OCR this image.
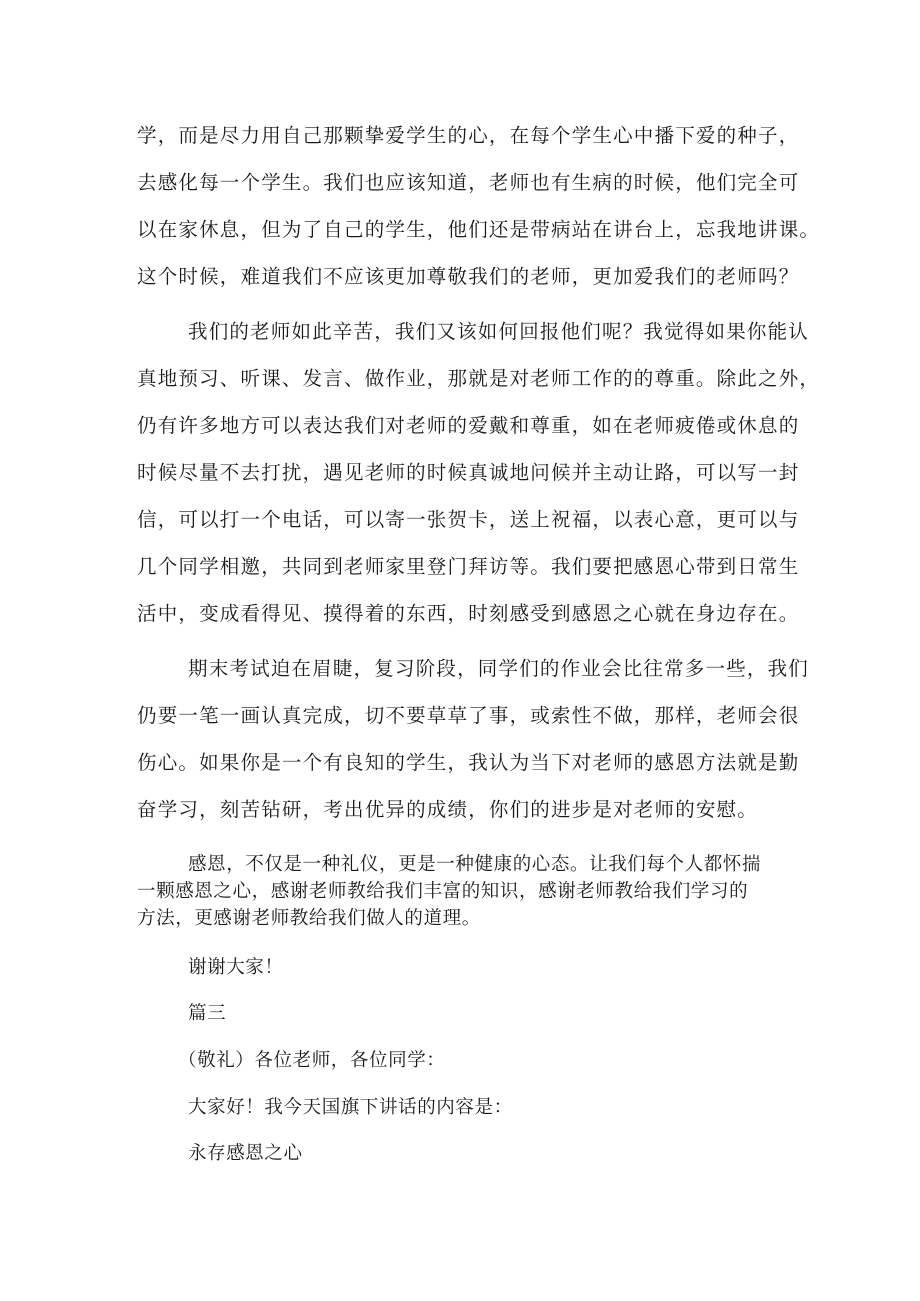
学，而是尽力用自己那颗挚爱学生的心，在每个学生心中播下爱的种子，
去感化每一个学生。我们也应该知道，老师也有生病的时候，他们完全可
以在家休息，但为了自己的学生，他们还是带病站在讲台上，忘我地讲课。
这个时候，难道我们不应该更加尊敬我们的老师，更加爱我们的老师吗？
我们的老师如此辛苦，我们又该如何回报他们呢？我觉得如果你能认
真地预习、听课、发言、做作业，那就是对老师工作的的尊重。除此之外，
仍有许多地方可以表达我们对老师的爱戴和尊重，如在老师疲倦或休息的
时候尽量不去打扰，遇见老师的时候真诚地问候并主动让路，可以写一封
信，可以打一个电话，可以寄一张贺卡，送上祝福，以表心意，更可以与
几个同学相邀，共同到老师家里登门拜访等。我们要把感恩心带到日常生
活中，变成看得见、摸得着的东西，时刻感受到感恩之心就在身边存在。
期末考试迫在眉睫，复习阶段，同学们的作业会比往常多一些，我们
仍要一笔一画认真完成，切不要草草了事，或索性不做，那样，老师会很
伤心。如果你是一个有良知的学生，我认为当下对老师的感恩方法就是勤
奋学习，刻苦钻研，考出优异的成绩，你们的进步是对老师的安慰。
感恩，不仅是一种礼仪，更是一种健康的心态。让我们每个人都怀揣
一颗感恩之心，感谢老师教给我们丰富的知识，感谢老师教给我们学习的
方法，更感谢老师教给我们做人的道理。
谢谢大家！
篇三
（敬礼）各位老师，各位同学：
大家好！我今天国旗下讲话的内容是：
永存感恩之心
